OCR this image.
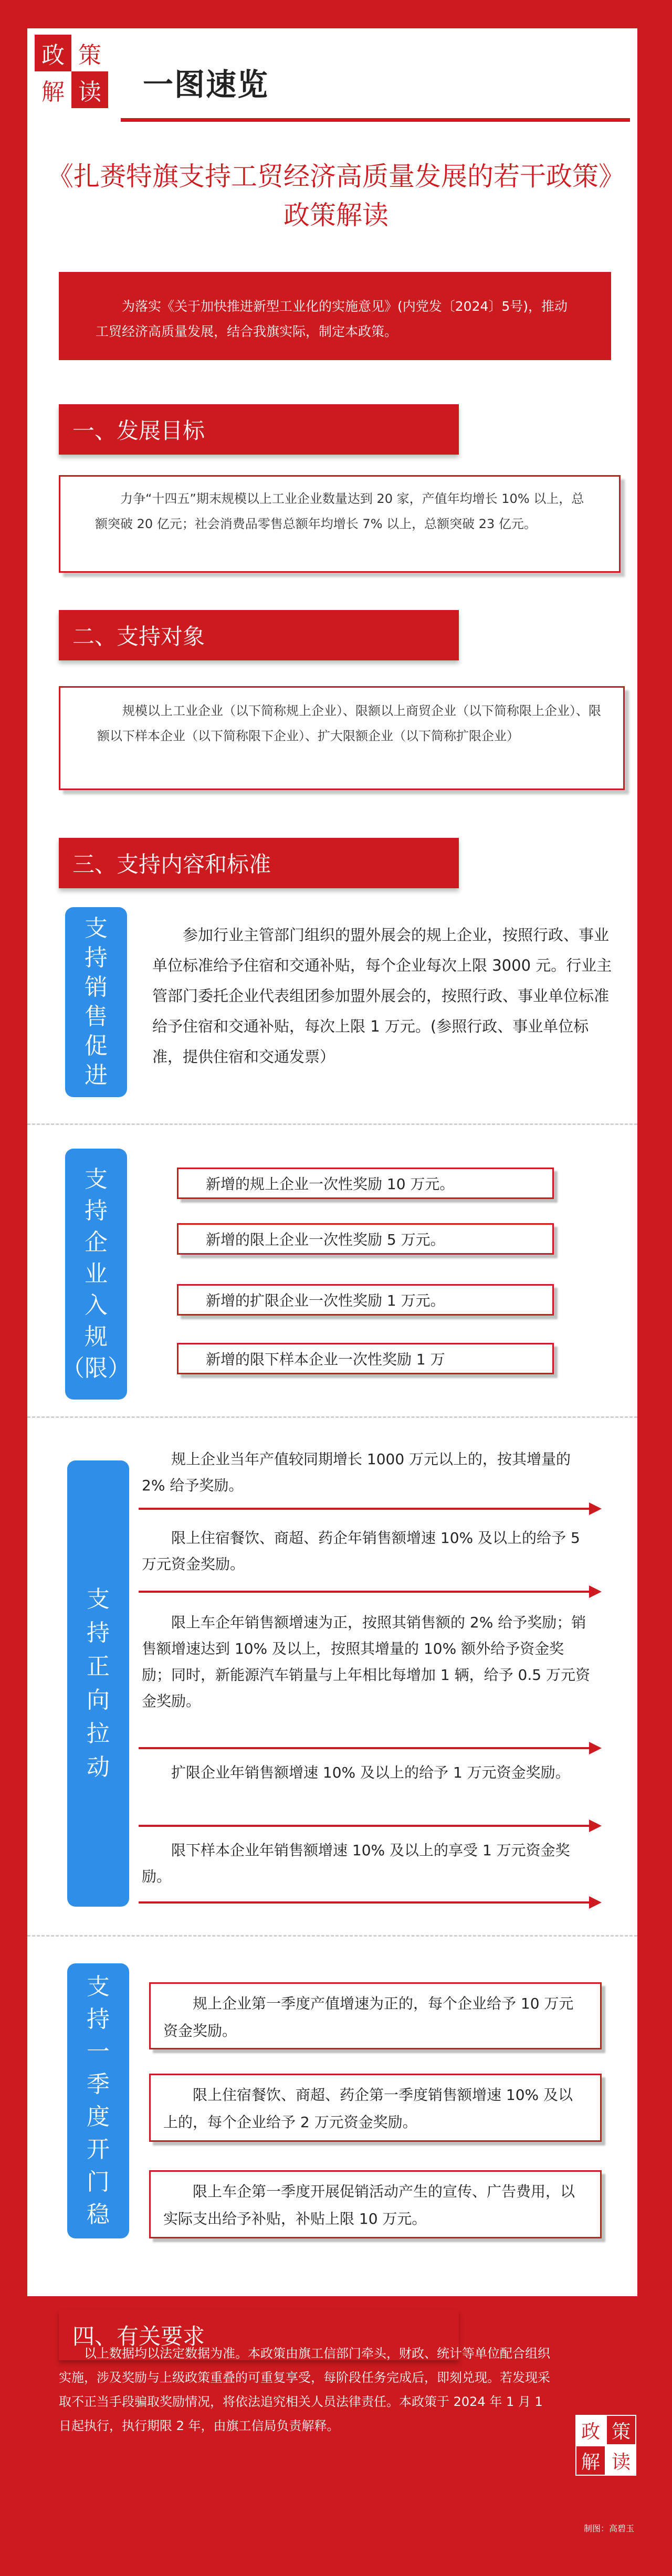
政 策
解 读 一图速览
《扎赉特旗支持工贸经济高质量发展的若干政策》
政策解读
为落实《关于加快推进新型工业化的实施意见》(内党发〔2024〕5号)，推动工贸经济高质量发展，结合我旗实际，制定本政策。
一、发展目标
力争“十四五”期末规模以上工业企业数量达到 20 家，产值年均增长 10% 以上，总额突破 20 亿元；社会消费品零售总额年均增长 7% 以上，总额突破 23 亿元。
二、支持对象
规模以上工业企业（以下简称规上企业）、限额以上商贸企业（以下简称限上企业）、限额以下样本企业（以下简称限下企业）、扩大限额企业（以下简称扩限企业）
三、支持内容和标准
支
持
销
售
促
进
参加行业主管部门组织的盟外展会的规上企业，按照行政、事业单位标准给予住宿和交通补贴，每个企业每次上限 3000 元。行业主管部门委托企业代表组团参加盟外展会的，按照行政、事业单位标准给予住宿和交通补贴，每次上限 1 万元。(参照行政、事业单位标准，提供住宿和交通发票）
支
持
企
业
入
规
（限）
新增的规上企业一次性奖励 10 万元。
新增的限上企业一次性奖励 5 万元。
新增的扩限企业一次性奖励 1 万元。
新增的限下样本企业一次性奖励 1 万
支
持
正
向
拉
动
规上企业当年产值较同期增长 1000 万元以上的，按其增量的 2% 给予奖励。
限上住宿餐饮、商超、药企年销售额增速 10% 及以上的给予 5 万元资金奖励。
限上车企年销售额增速为正，按照其销售额的 2% 给予奖励；销售额增速达到 10% 及以上，按照其增量的 10% 额外给予资金奖励；同时，新能源汽车销量与上年相比每增加 1 辆，给予 0.5 万元资金奖励。
扩限企业年销售额增速 10% 及以上的给予 1 万元资金奖励。
限下样本企业年销售额增速 10% 及以上的享受 1 万元资金奖励。
支
持
一
季
度
开
门
稳
规上企业第一季度产值增速为正的，每个企业给予 10 万元资金奖励。
限上住宿餐饮、商超、药企第一季度销售额增速 10% 及以上的，每个企业给予 2 万元资金奖励。
限上车企第一季度开展促销活动产生的宣传、广告费用，以实际支出给予补贴，补贴上限 10 万元。
四、有关要求
以上数据均以法定数据为准。本政策由旗工信部门牵头，财政、统计等单位配合组织实施，涉及奖励与上级政策重叠的可重复享受，每阶段任务完成后，即刻兑现。若发现采取不正当手段骗取奖励情况，将依法追究相关人员法律责任。本政策于 2024 年 1 月 1 日起执行，执行期限 2 年，由旗工信局负责解释。	政 策
解 读
制图：高碧玉
